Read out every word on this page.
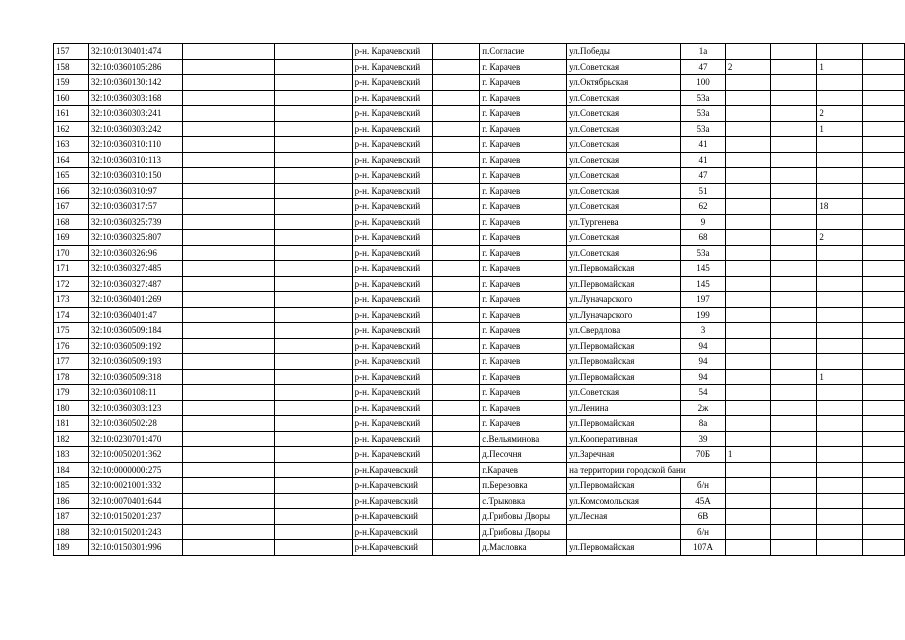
157	32:10:0130401:474			р-н. Карачевский		п.Согласие	ул.Победы	1а				
158	32:10:0360105:286			р-н. Карачевский		г. Карачев	ул.Советская	47	2		1	
159	32:10:0360130:142			р-н. Карачевский		г. Карачев	ул.Октябрьская	100				
160	32:10:0360303:168			р-н. Карачевский		г. Карачев	ул.Советская	53а				
161	32:10:0360303:241			р-н. Карачевский		г. Карачев	ул.Советская	53а			2	
162	32:10:0360303:242			р-н. Карачевский		г. Карачев	ул.Советская	53а			1	
163	32:10:0360310:110			р-н. Карачевский		г. Карачев	ул.Советская	41				
164	32:10:0360310:113			р-н. Карачевский		г. Карачев	ул.Советская	41				
165	32:10:0360310:150			р-н. Карачевский		г. Карачев	ул.Советская	47				
166	32:10:0360310:97			р-н. Карачевский		г. Карачев	ул.Советская	51				
167	32:10:0360317:57			р-н. Карачевский		г. Карачев	ул.Советская	62			18	
168	32:10:0360325:739			р-н. Карачевский		г. Карачев	ул.Тургенева	9				
169	32:10:0360325:807			р-н. Карачевский		г. Карачев	ул.Советская	68			2	
170	32:10:0360326:96			р-н. Карачевский		г. Карачев	ул.Советская	53а				
171	32:10:0360327:485			р-н. Карачевский		г. Карачев	ул.Первомайская	145				
172	32:10:0360327:487			р-н. Карачевский		г. Карачев	ул.Первомайская	145				
173	32:10:0360401:269			р-н. Карачевский		г. Карачев	ул.Луначарского	197				
174	32:10:0360401:47			р-н. Карачевский		г. Карачев	ул.Луначарского	199				
175	32:10:0360509:184			р-н. Карачевский		г. Карачев	ул.Свердлова	3				
176	32:10:0360509:192			р-н. Карачевский		г. Карачев	ул.Первомайская	94				
177	32:10:0360509:193			р-н. Карачевский		г. Карачев	ул.Первомайская	94				
178	32:10:0360509:318			р-н. Карачевский		г. Карачев	ул.Первомайская	94			1	
179	32:10:0360108:11			р-н. Карачевский		г. Карачев	ул.Советская	54				
180	32:10:0360303:123			р-н. Карачевский		г. Карачев	ул.Ленина	2ж				
181	32:10:0360502:28			р-н. Карачевский		г. Карачев	ул.Первомайская	8а				
182	32:10:0230701:470			р-н. Карачевский		с.Вельяминова	ул.Кооперативная	39				
183	32:10:0050201:362			р-н. Карачевский		д.Песочня	ул.Заречная	70Б	1			
184	32:10:0000000:275			р-н.Карачевский		г.Карачев	на территории городской бани					
185	32:10:0021001:332			р-н.Карачевский		п.Березовка	ул.Первомайская	б/н				
186	32:10:0070401:644			р-н.Карачевский		с.Трыковка	ул.Комсомольская	45А				
187	32:10:0150201:237			р-н.Карачевский		д.Грибовы Дворы	ул.Лесная	6В				
188	32:10:0150201:243			р-н.Карачевский		д.Грибовы Дворы		б/н				
189	32:10:0150301:996			р-н.Карачевский		д.Масловка	ул.Первомайская	107А				
